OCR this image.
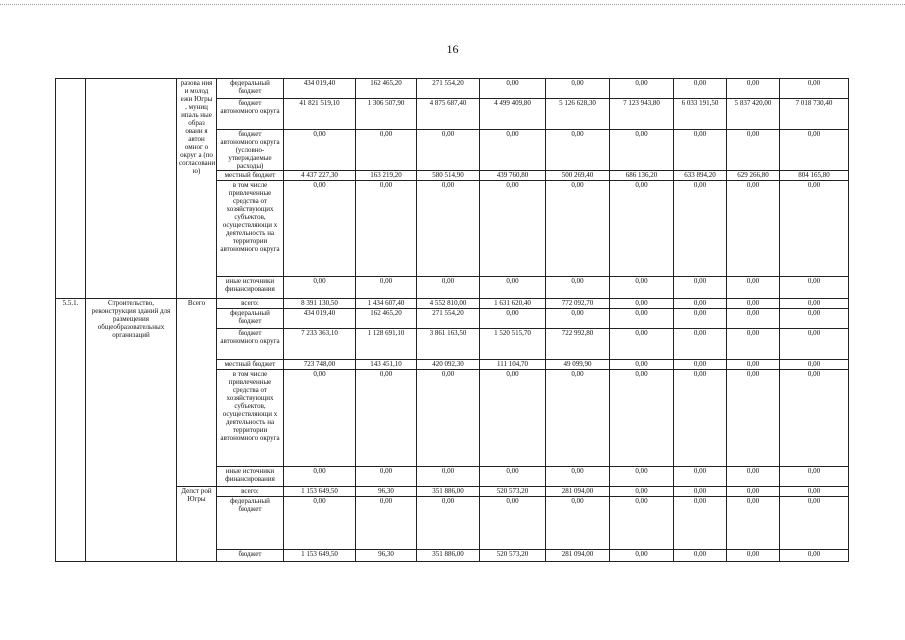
16
		разова ния и молод ежи Югры , муниц ипаль ные образ овани я автон омног о округ а (по согласовани ю)	федеральный бюджет	434 019,40	162 465,20	271 554,20	0,00	0,00	0,00	0,00	0,00	0,00
			бюджет автономного округа	41 821 519,10	1 306 507,90	4 875 687,40	4 499 409,80	5 126 628,30	7 123 943,80	6 033 191,50	5 837 420,00	7 018 730,40
			бюджет автономного округа (условно-утверждаемые расходы)	0,00	0,00	0,00	0,00	0,00	0,00	0,00	0,00	0,00
			местный бюджет	4 437 227,30	163 219,20	580 514,90	439 760,80	500 269,40	686 136,20	633 894,20	629 266,80	804 165,80
			в том числе привлеченные средства от хозяйствующих субъектов, осуществляющи х деятельность на территории автономного округа	0,00	0,00	0,00	0,00	0,00	0,00	0,00	0,00	0,00
			иные источники финансирования	0,00	0,00	0,00	0,00	0,00	0,00	0,00	0,00	0,00
5.5.1.	Строительство, реконструкция зданий для размещения общеобразовательных организаций	Всего	всего:	8 391 130,50	1 434 607,40	4 552 810,00	1 631 620,40	772 092,70	0,00	0,00	0,00	0,00
			федеральный бюджет	434 019,40	162 465,20	271 554,20	0,00	0,00	0,00	0,00	0,00	0,00
			бюджет автономного округа	7 233 363,10	1 128 691,10	3 861 163,50	1 520 515,70	722 992,80	0,00	0,00	0,00	0,00
			местный бюджет	723 748,00	143 451,10	420 092,30	111 104,70	49 099,90	0,00	0,00	0,00	0,00
			в том числе привлеченные средства от хозяйствующих субъектов, осуществляющи х деятельность на территории автономного округа	0,00	0,00	0,00	0,00	0,00	0,00	0,00	0,00	0,00
			иные источники финансирования	0,00	0,00	0,00	0,00	0,00	0,00	0,00	0,00	0,00
		Депст рой Югры	всего:	1 153 649,50	96,30	351 886,00	520 573,20	281 094,00	0,00	0,00	0,00	0,00
			федеральный бюджет	0,00	0,00	0,00	0,00	0,00	0,00	0,00	0,00	0,00
			бюджет	1 153 649,50	96,30	351 886,00	520 573,20	281 094,00	0,00	0,00	0,00	0,00
